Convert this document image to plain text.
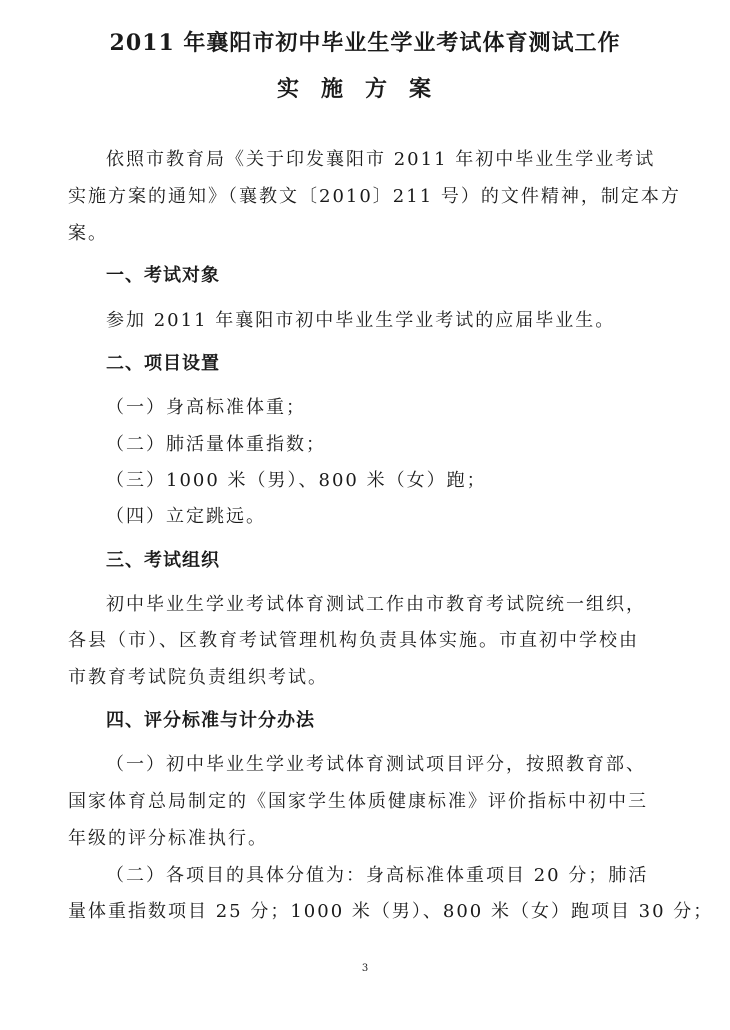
2011 年襄阳市初中毕业生学业考试体育测试工作
实施方案
依照市教育局《关于印发襄阳市 2011 年初中毕业生学业考试
实施方案的通知》（襄教文〔2010〕211 号）的文件精神，制定本方
案。
一、考试对象
参加 2011 年襄阳市初中毕业生学业考试的应届毕业生。
二、项目设置
（一）身高标准体重；
（二）肺活量体重指数；
（三）1000 米（男）、800 米（女）跑；
（四）立定跳远。
三、考试组织
初中毕业生学业考试体育测试工作由市教育考试院统一组织，
各县（市）、区教育考试管理机构负责具体实施。市直初中学校由
市教育考试院负责组织考试。
四、评分标准与计分办法
（一）初中毕业生学业考试体育测试项目评分，按照教育部、
国家体育总局制定的《国家学生体质健康标准》评价指标中初中三
年级的评分标准执行。
（二）各项目的具体分值为：身高标准体重项目 20 分；肺活
量体重指数项目 25 分；1000 米（男）、800 米（女）跑项目 30 分；
3
